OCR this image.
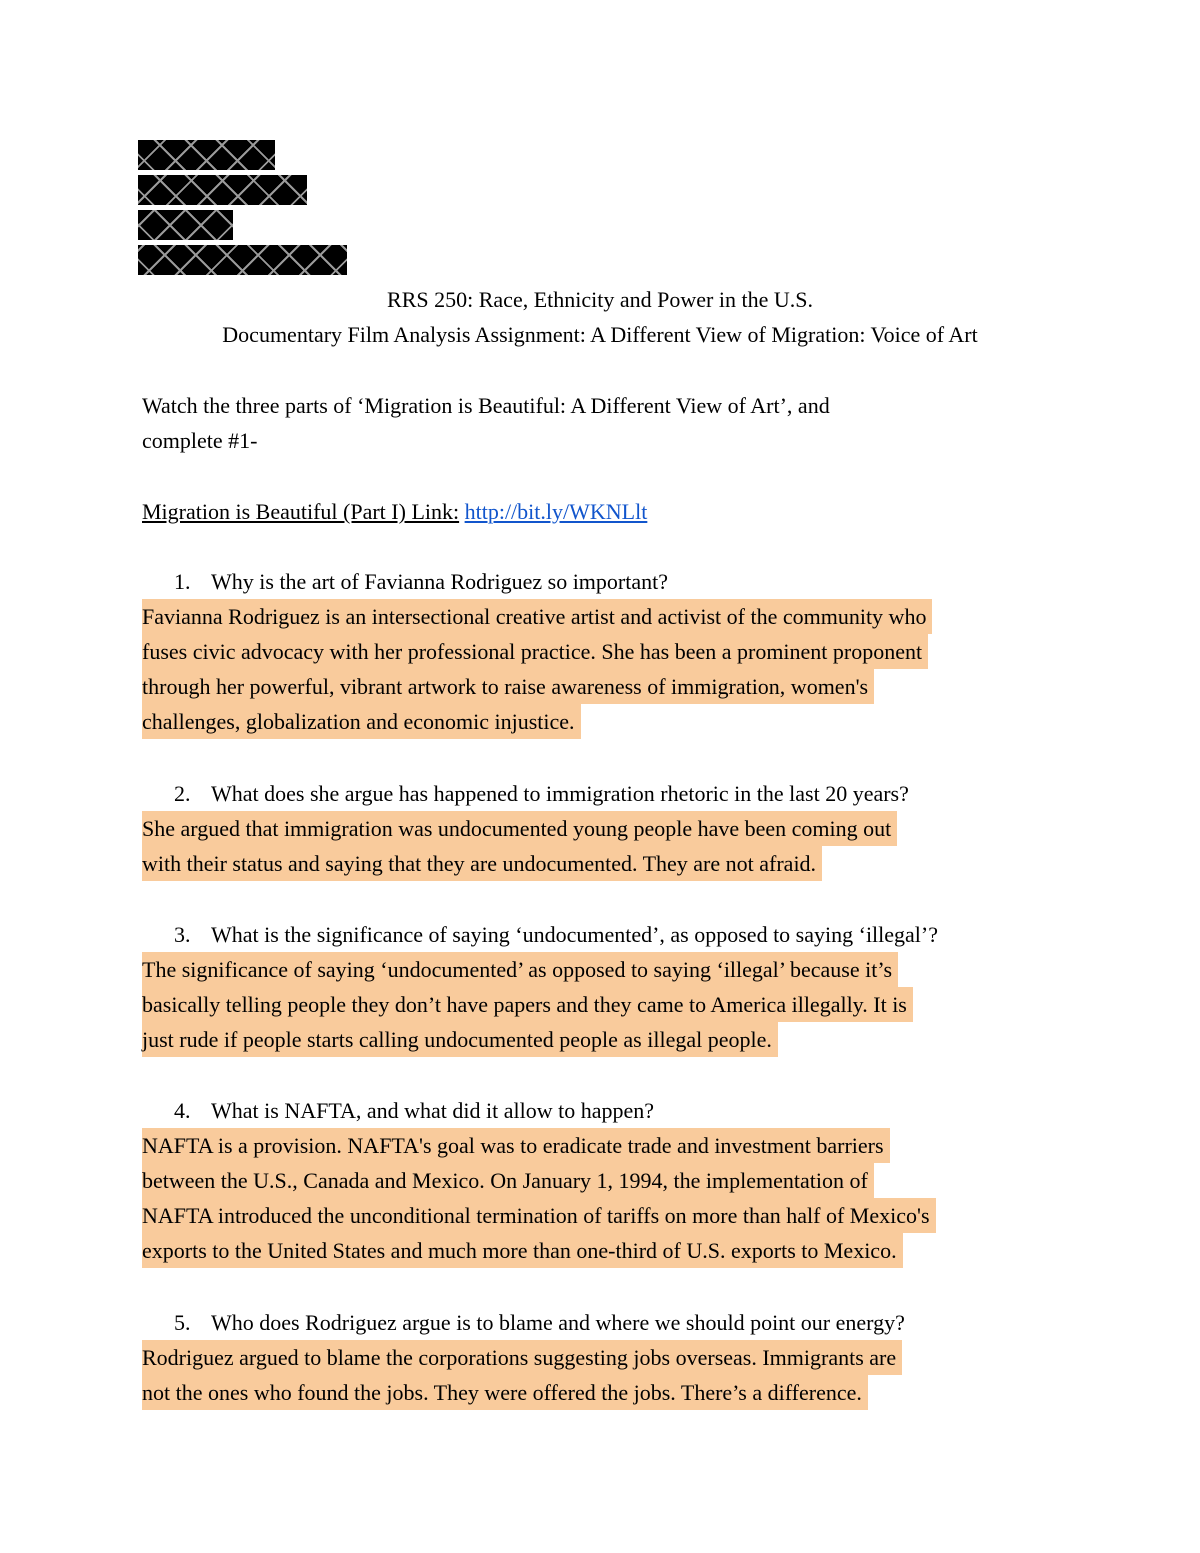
RRS 250: Race, Ethnicity and Power in the U.S.
Documentary Film Analysis Assignment: A Different View of Migration: Voice of Art
Watch the three parts of ‘Migration is Beautiful: A Different View of Art’, and
complete #1-
Migration is Beautiful (Part I) Link: http://bit.ly/WKNLlt
1. Why is the art of Favianna Rodriguez so important?
Favianna Rodriguez is an intersectional creative artist and activist of the community who
fuses civic advocacy with her professional practice. She has been a prominent proponent
through her powerful, vibrant artwork to raise awareness of immigration, women's
challenges, globalization and economic injustice.
2. What does she argue has happened to immigration rhetoric in the last 20 years?
She argued that immigration was undocumented young people have been coming out
with their status and saying that they are undocumented. They are not afraid.
3. What is the significance of saying ‘undocumented’, as opposed to saying ‘illegal’?
The significance of saying ‘undocumented’ as opposed to saying ‘illegal’ because it’s
basically telling people they don’t have papers and they came to America illegally. It is
just rude if people starts calling undocumented people as illegal people.
4. What is NAFTA, and what did it allow to happen?
NAFTA is a provision. NAFTA's goal was to eradicate trade and investment barriers
between the U.S., Canada and Mexico. On January 1, 1994, the implementation of
NAFTA introduced the unconditional termination of tariffs on more than half of Mexico's
exports to the United States and much more than one-third of U.S. exports to Mexico.
5. Who does Rodriguez argue is to blame and where we should point our energy?
Rodriguez argued to blame the corporations suggesting jobs overseas. Immigrants are
not the ones who found the jobs. They were offered the jobs. There’s a difference.
